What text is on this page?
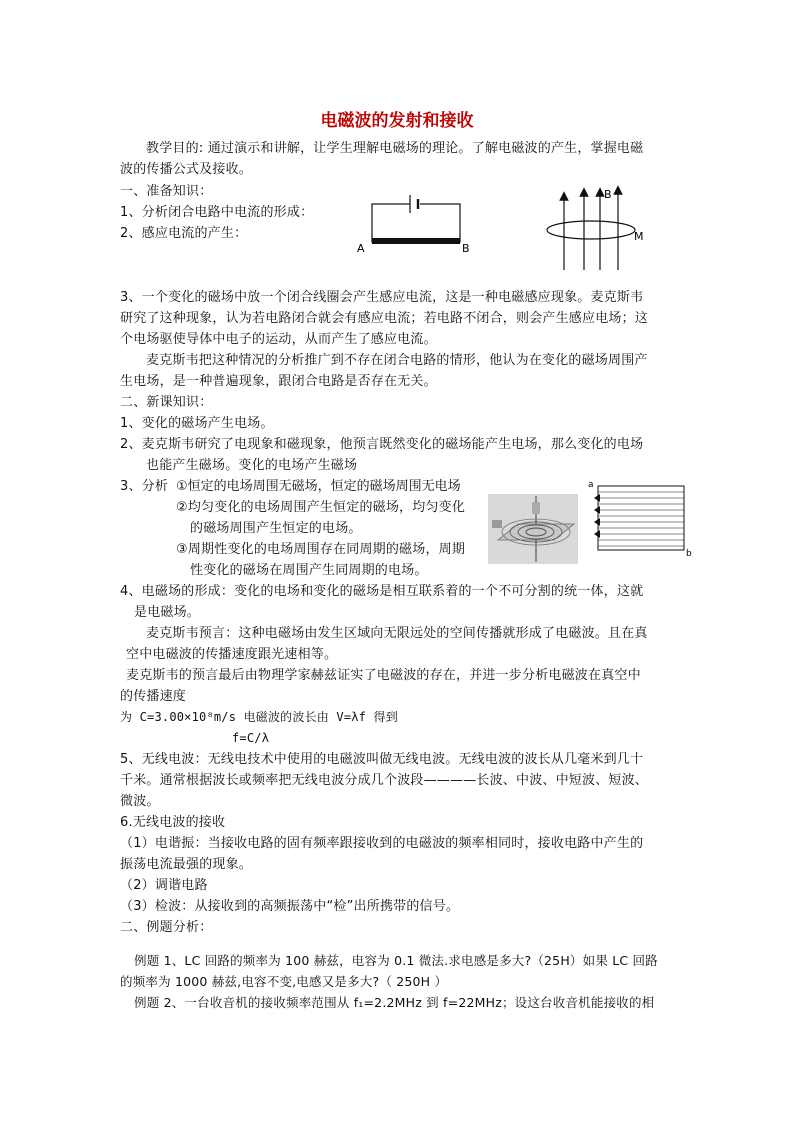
电磁波的发射和接收
教学目的: 通过演示和讲解，让学生理解电磁场的理论。了解电磁波的产生，掌握电磁
波的传播公式及接收。
一、准备知识：
1、分析闭合电路中电流的形成：
2、感应电流的产生：
A	B
B
M
3、一个变化的磁场中放一个闭合线圈会产生感应电流，这是一种电磁感应现象。麦克斯韦
研究了这种现象，认为若电路闭合就会有感应电流；若电路不闭合，则会产生感应电场；这
个电场驱使导体中电子的运动，从而产生了感应电流。
麦克斯韦把这种情况的分析推广到不存在闭合电路的情形，他认为在变化的磁场周围产
生电场，是一种普遍现象，跟闭合电路是否存在无关。
二、新课知识：
1、变化的磁场产生电场。
2、麦克斯韦研究了电现象和磁现象，他预言既然变化的磁场能产生电场，那么变化的电场
也能产生磁场。变化的电场产生磁场
3、分析 ①恒定的电场周围无磁场，恒定的磁场周围无电场
②均匀变化的电场周围产生恒定的磁场，均匀变化
的磁场周围产生恒定的电场。
③周期性变化的电场周围存在同周期的磁场，周期
性变化的磁场在周围产生同周期的电场。
a
b
4、电磁场的形成：变化的电场和变化的磁场是相互联系着的一个不可分割的统一体，这就
是电磁场。
麦克斯韦预言：这种电磁场由发生区域向无限远处的空间传播就形成了电磁波。且在真
空中电磁波的传播速度跟光速相等。
麦克斯韦的预言最后由物理学家赫兹证实了电磁波的存在，并进一步分析电磁波在真空中
的传播速度
为 C=3.00×10⁸m/s 电磁波的波长由 V=λf 得到
f=C/λ
5、无线电波：无线电技术中使用的电磁波叫做无线电波。无线电波的波长从几毫米到几十
千米。通常根据波长或频率把无线电波分成几个波段————长波、中波、中短波、短波、
微波。
6.无线电波的接收
（1）电谐振：当接收电路的固有频率跟接收到的电磁波的频率相同时，接收电路中产生的
振荡电流最强的现象。
（2）调谐电路
（3）检波：从接收到的高频振荡中“检”出所携带的信号。
二、例题分析：
例题 1、LC 回路的频率为 100 赫兹，电容为 0.1 微法.求电感是多大?（25H）如果 LC 回路
的频率为 1000 赫兹,电容不变,电感又是多大?（ 250H ）
例题 2、一台收音机的接收频率范围从 f₁=2.2MHz 到 f=22MHz；设这台收音机能接收的相
